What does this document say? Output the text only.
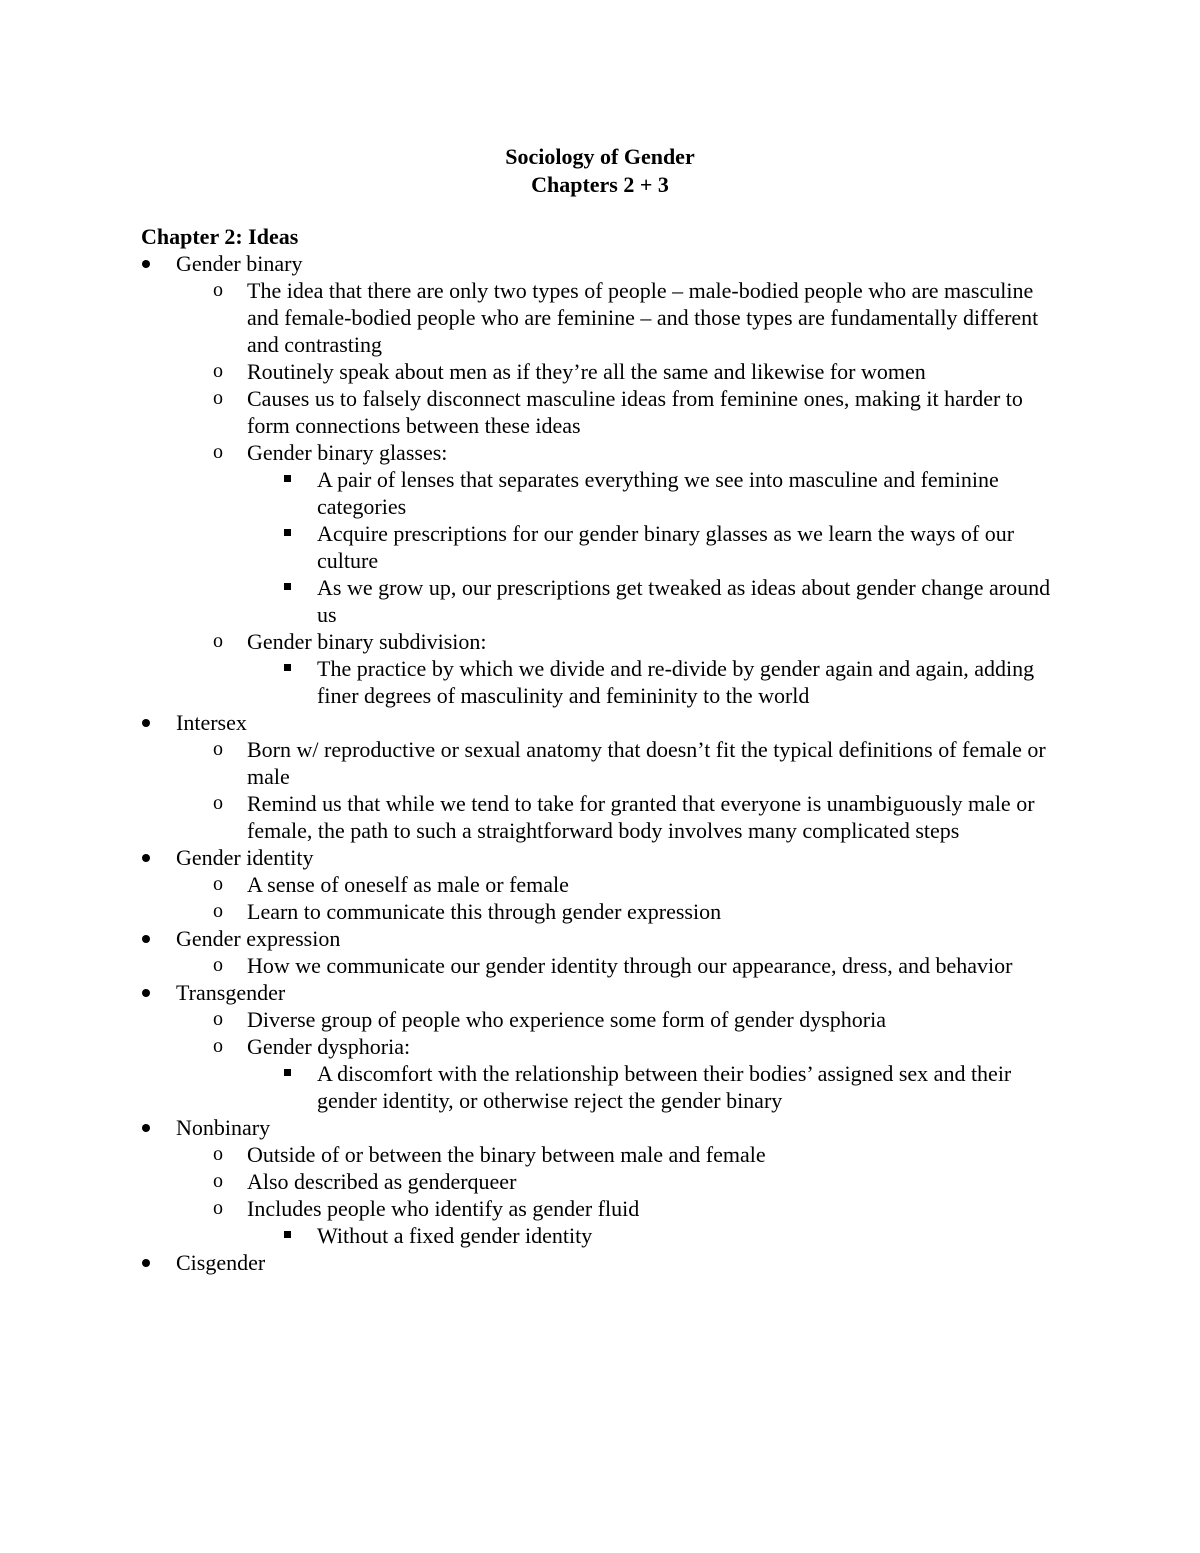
Sociology of Gender
Chapters 2 + 3
Chapter 2: Ideas
Gender binary
o The idea that there are only two types of people – male-bodied people who are masculine and female-bodied people who are feminine – and those types are fundamentally different and contrasting
o Routinely speak about men as if they’re all the same and likewise for women
o Causes us to falsely disconnect masculine ideas from feminine ones, making it harder to form connections between these ideas
o Gender binary glasses:
A pair of lenses that separates everything we see into masculine and feminine categories
Acquire prescriptions for our gender binary glasses as we learn the ways of our culture
As we grow up, our prescriptions get tweaked as ideas about gender change around us
o Gender binary subdivision:
The practice by which we divide and re-divide by gender again and again, adding finer degrees of masculinity and femininity to the world
Intersex
o Born w/ reproductive or sexual anatomy that doesn’t fit the typical definitions of female or male
o Remind us that while we tend to take for granted that everyone is unambiguously male or female, the path to such a straightforward body involves many complicated steps
Gender identity
o A sense of oneself as male or female
o Learn to communicate this through gender expression
Gender expression
o How we communicate our gender identity through our appearance, dress, and behavior
Transgender
o Diverse group of people who experience some form of gender dysphoria
o Gender dysphoria:
A discomfort with the relationship between their bodies’ assigned sex and their gender identity, or otherwise reject the gender binary
Nonbinary
o Outside of or between the binary between male and female
o Also described as genderqueer
o Includes people who identify as gender fluid
Without a fixed gender identity
Cisgender
